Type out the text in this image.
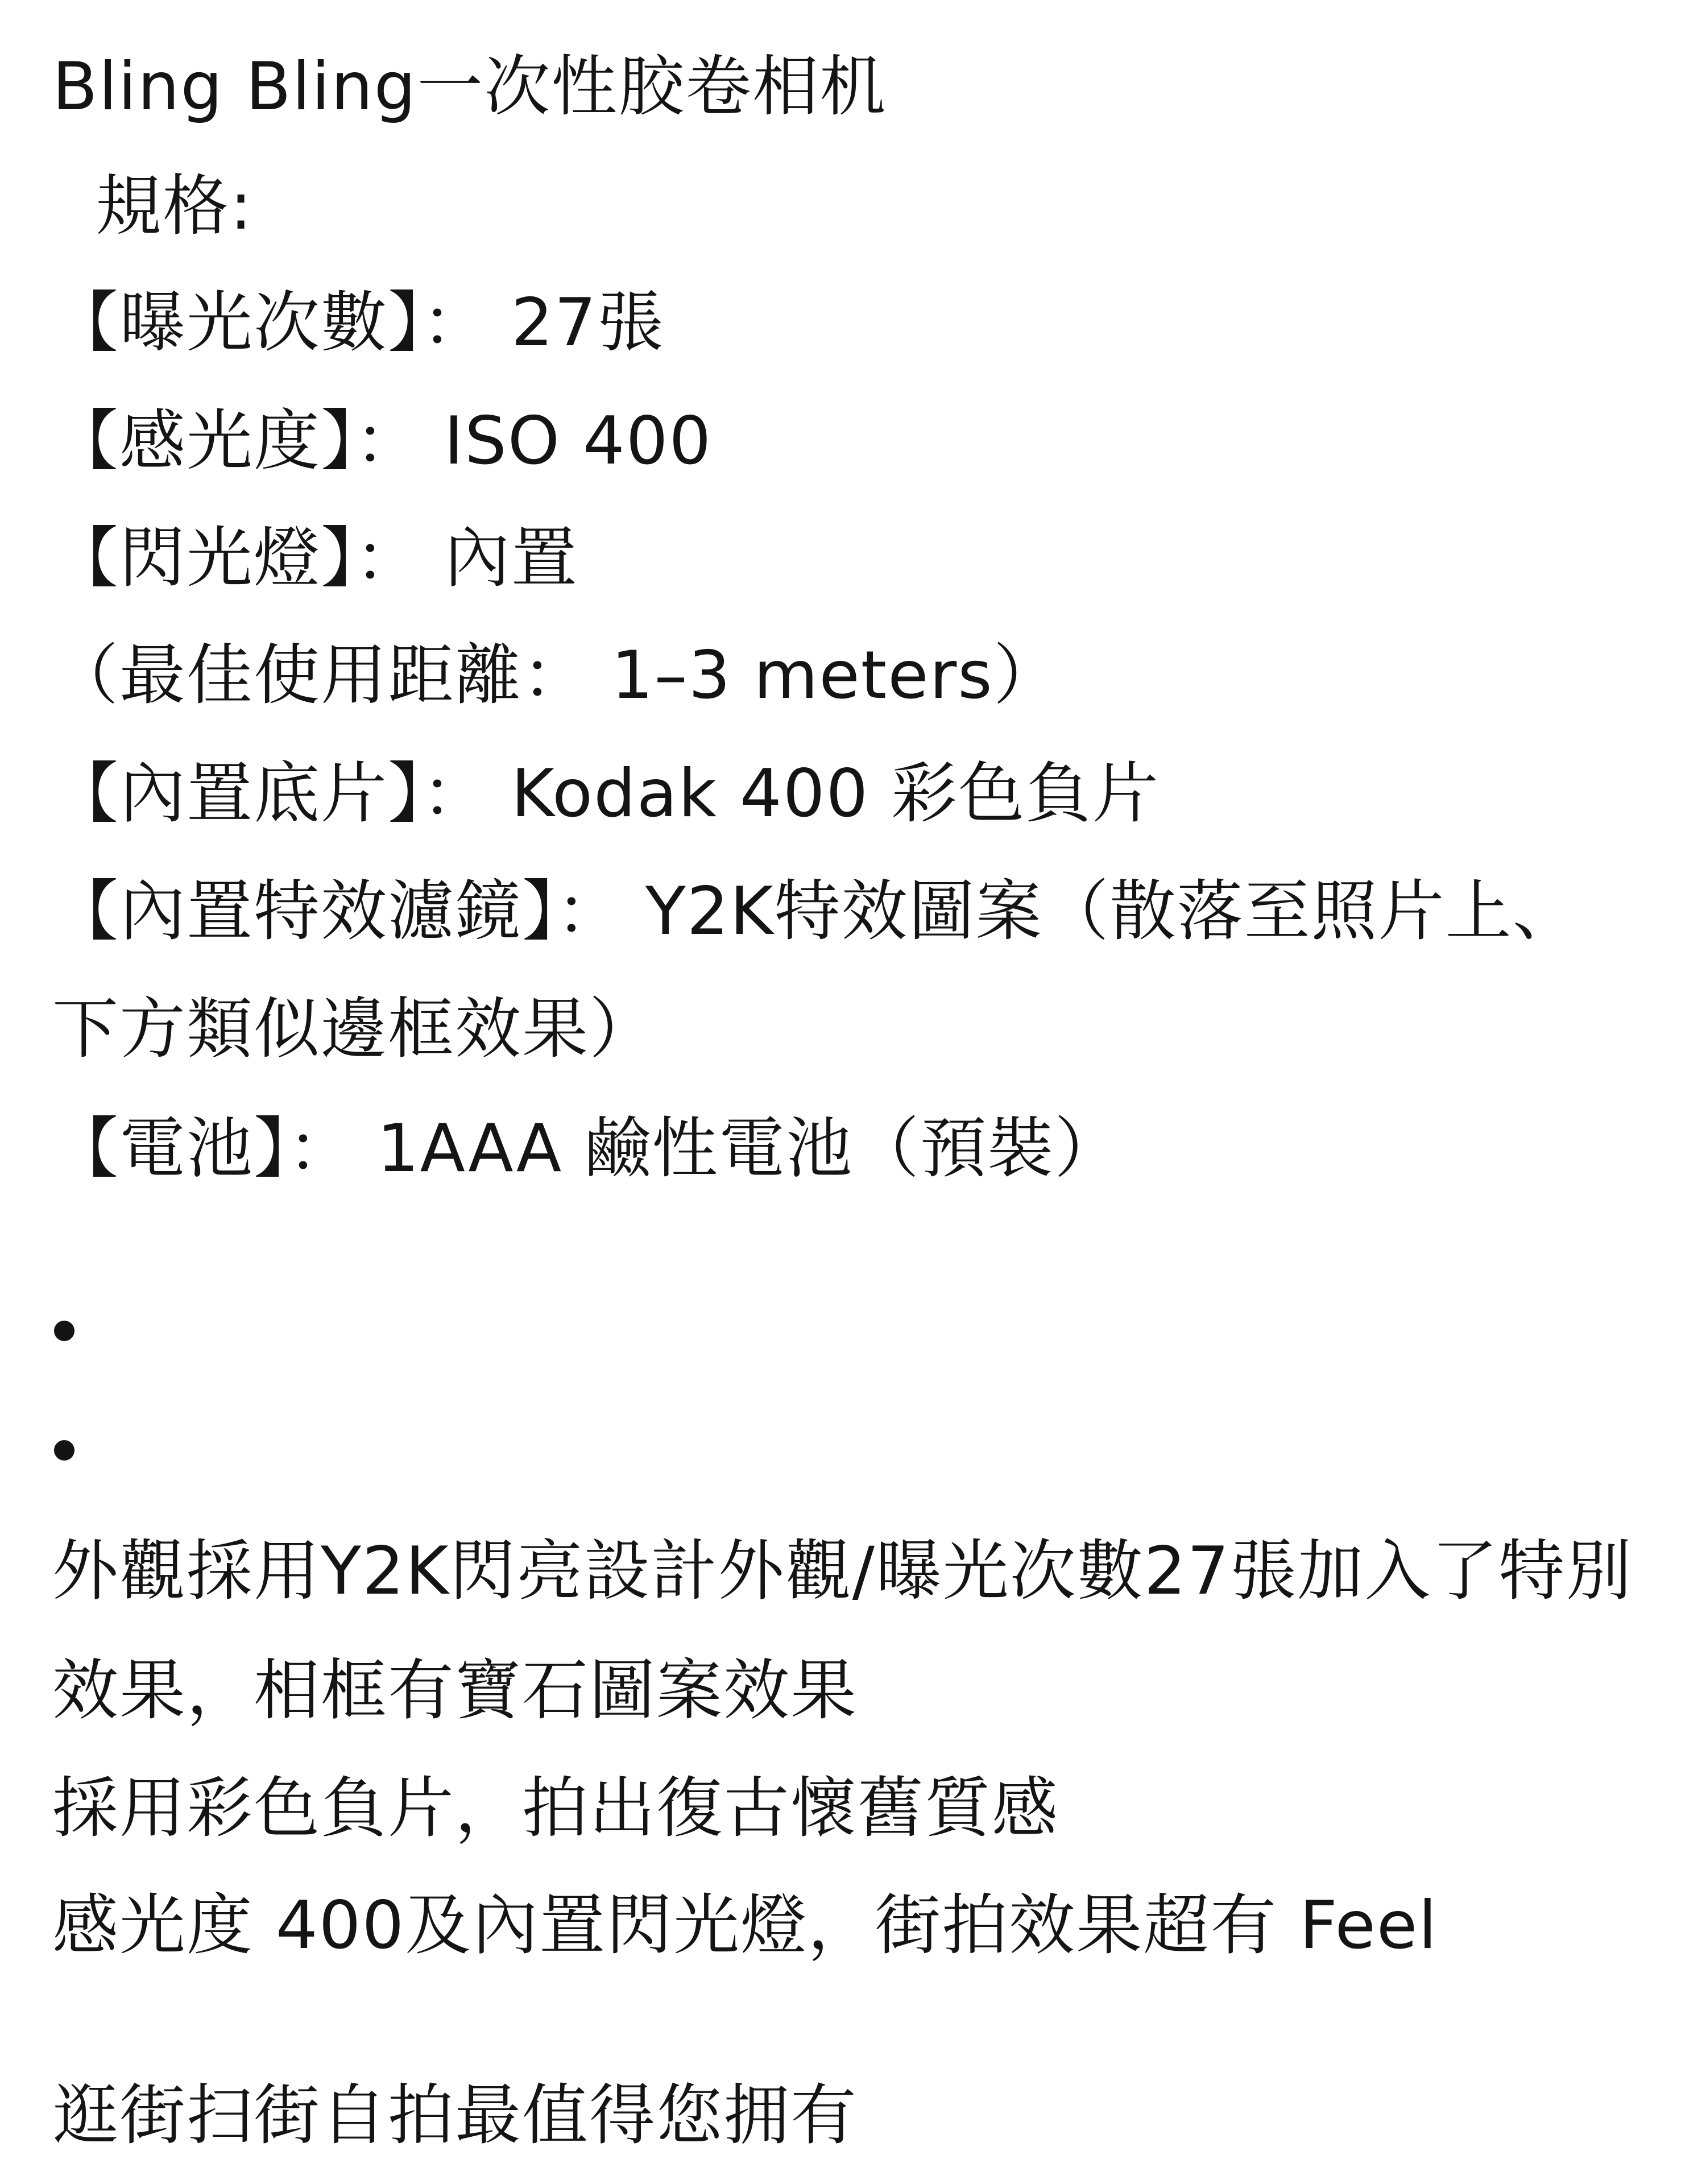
Bling Bling一次性胶卷相机
規格:
【曝光次數】： 27張
【感光度】： ISO 400
【閃光燈】： 內置
（最佳使用距離： 1–3 meters）
【內置底片】： Kodak 400 彩色負片
【內置特效濾鏡】： Y2K特效圖案（散落至照片上、
下方類似邊框效果）
【電池】： 1AAA 鹼性電池（預裝）
外觀採用Y2K閃亮設計外觀/曝光次數27張加入了特別
效果，相框有寶石圖案效果
採用彩色負片，拍出復古懷舊質感
感光度 400及內置閃光燈，街拍效果超有 Feel
逛街扫街自拍最值得您拥有
